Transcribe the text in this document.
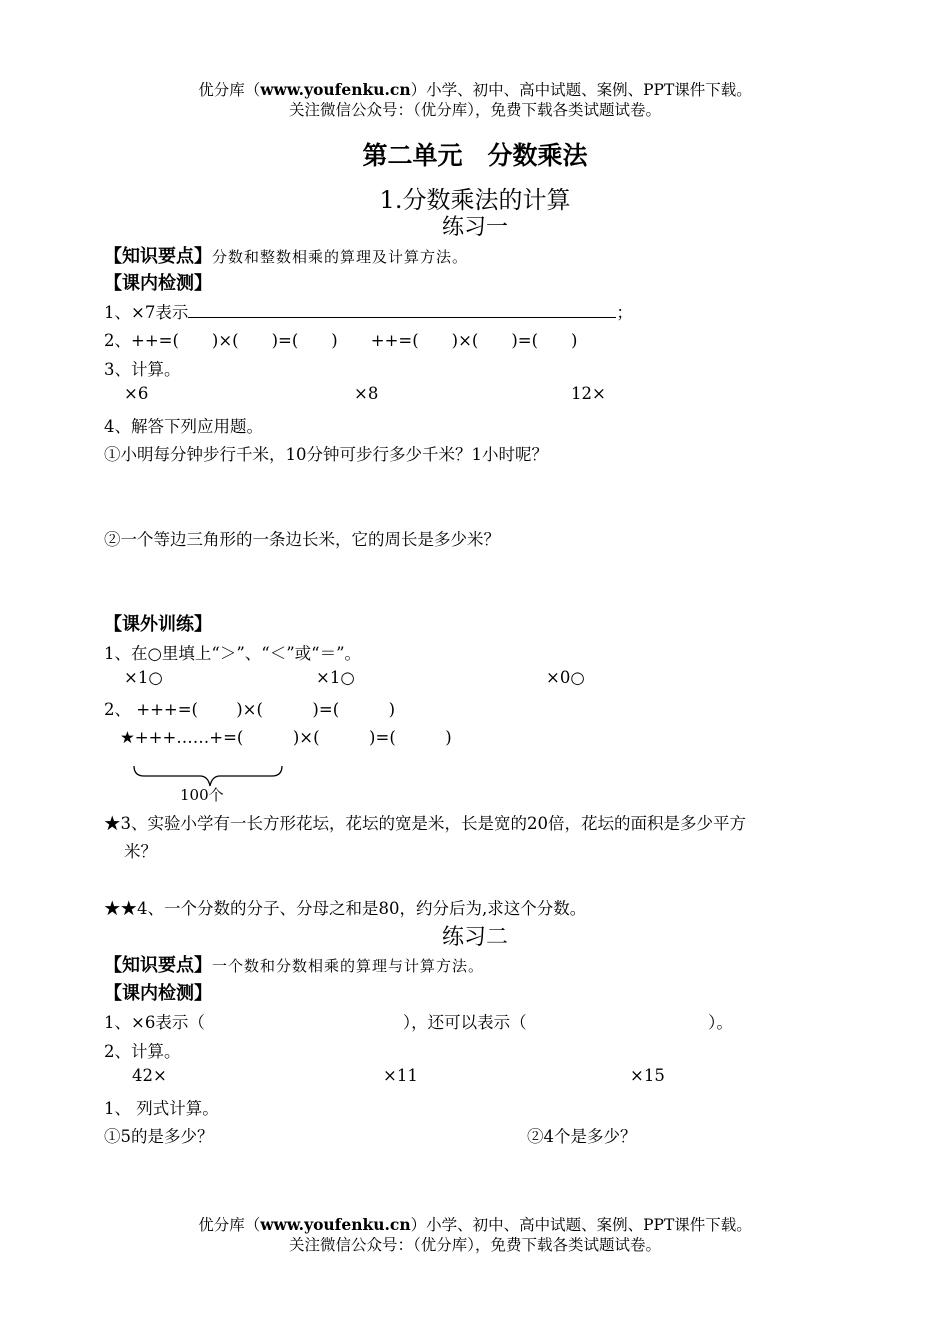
优分库（www.youfenku.cn）小学、初中、高中试题、案例、PPT课件下载。
关注微信公众号：（优分库），免费下载各类试题试卷。
第二单元　分数乘法
1.分数乘法的计算
练习一
【知识要点】分数和整数相乘的算理及计算方法。
【课内检测】
1、×7表示	；
2、++=(　　)×(　　)=(　　)　　++=(　　)×(　　)=(　　)
3、计算。
×6	×8	12×
4、解答下列应用题。
①小明每分钟步行千米，10分钟可步行多少千米？1小时呢？
②一个等边三角形的一条边长米，它的周长是多少米？
【课外训练】
1、在○里填上“＞”、“＜”或“＝”。
×1○	×1○	×0○
2、 +++=(　　 )×(　　　)=(　　　)
★+++……+=(　　　)×(　　　)=(　　　)
100个
★3、实验小学有一长方形花坛，花坛的宽是米，长是宽的20倍，花坛的面积是多少平方
米？
★★4、一个分数的分子、分母之和是80，约分后为,求这个分数。
练习二
【知识要点】一个数和分数相乘的算理与计算方法。
【课内检测】
1、×6表示（　　　　　　　　　　　　），还可以表示（　　　　　　　　　　　）。
2、计算。
42×	×11	×15
1、 列式计算。
①5的是多少？	②4个是多少？
优分库（www.youfenku.cn）小学、初中、高中试题、案例、PPT课件下载。
关注微信公众号：（优分库），免费下载各类试题试卷。
